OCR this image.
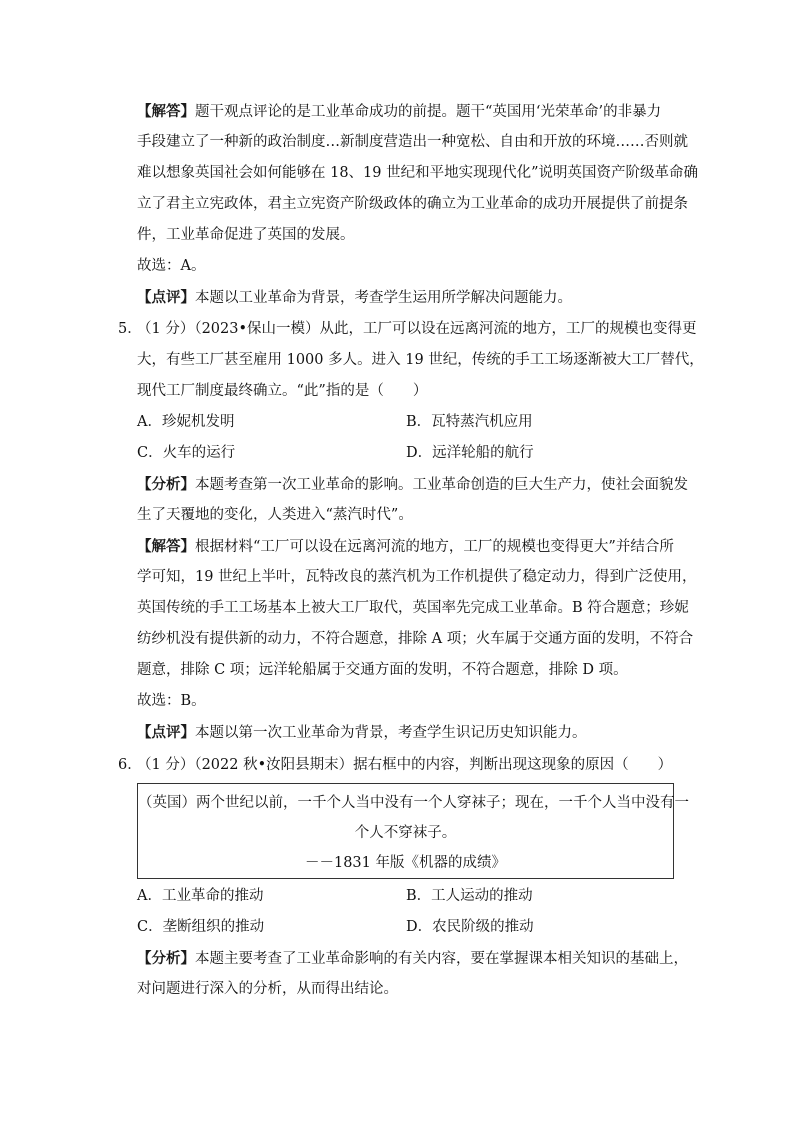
【解答】题干观点评论的是工业革命成功的前提。题干“英国用‘光荣革命’的非暴力
手段建立了一种新的政治制度…新制度营造出一种宽松、自由和开放的环境……否则就
难以想象英国社会如何能够在 18、19 世纪和平地实现现代化”说明英国资产阶级革命确
立了君主立宪政体，君主立宪资产阶级政体的确立为工业革命的成功开展提供了前提条
件，工业革命促进了英国的发展。
故选：A。
【点评】本题以工业革命为背景，考查学生运用所学解决问题能力。
5．
（1 分）（2023•保山一模）从此，工厂可以设在远离河流的地方，工厂的规模也变得更
大，有些工厂甚至雇用 1000 多人。进入 19 世纪，传统的手工工场逐渐被大工厂替代，
现代工厂制度最终确立。“此”指的是（　　）
A．珍妮机发明	B．瓦特蒸汽机应用
C．火车的运行	D．远洋轮船的航行
【分析】本题考查第一次工业革命的影响。工业革命创造的巨大生产力，使社会面貌发
生了天覆地的变化，人类进入“蒸汽时代”。
【解答】根据材料“工厂可以设在远离河流的地方，工厂的规模也变得更大”并结合所
学可知，19 世纪上半叶，瓦特改良的蒸汽机为工作机提供了稳定动力，得到广泛使用，
英国传统的手工工场基本上被大工厂取代，英国率先完成工业革命。B 符合题意；珍妮
纺纱机没有提供新的动力，不符合题意，排除 A 项；火车属于交通方面的发明，不符合
题意，排除 C 项；远洋轮船属于交通方面的发明，不符合题意，排除 D 项。
故选：B。
【点评】本题以第一次工业革命为背景，考查学生识记历史知识能力。
6．
（1 分）（2022 秋•汝阳县期末）据右框中的内容，判断出现这现象的原因（　　）
（英国）两个世纪以前，一千个人当中没有一个人穿袜子；现在，一千个人当中没有一
个人不穿袜子。
－－1831 年版《机器的成绩》
A．工业革命的推动	B．工人运动的推动
C．垄断组织的推动	D．农民阶级的推动
【分析】本题主要考查了工业革命影响的有关内容，要在掌握课本相关知识的基础上，
对问题进行深入的分析，从而得出结论。
